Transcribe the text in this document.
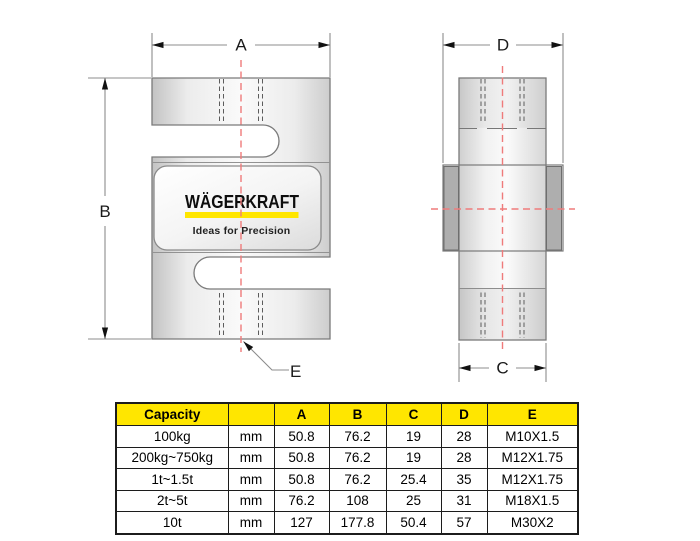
WÄGERKRAFT
Ideas for Precision
A
B
E
D
C
Capacity		A	B	C	D	E
100kg	mm	50.8	76.2	19	28	M10X1.5
200kg~750kg	mm	50.8	76.2	19	28	M12X1.75
1t~1.5t	mm	50.8	76.2	25.4	35	M12X1.75
2t~5t	mm	76.2	108	25	31	M18X1.5
10t	mm	127	177.8	50.4	57	M30X2
